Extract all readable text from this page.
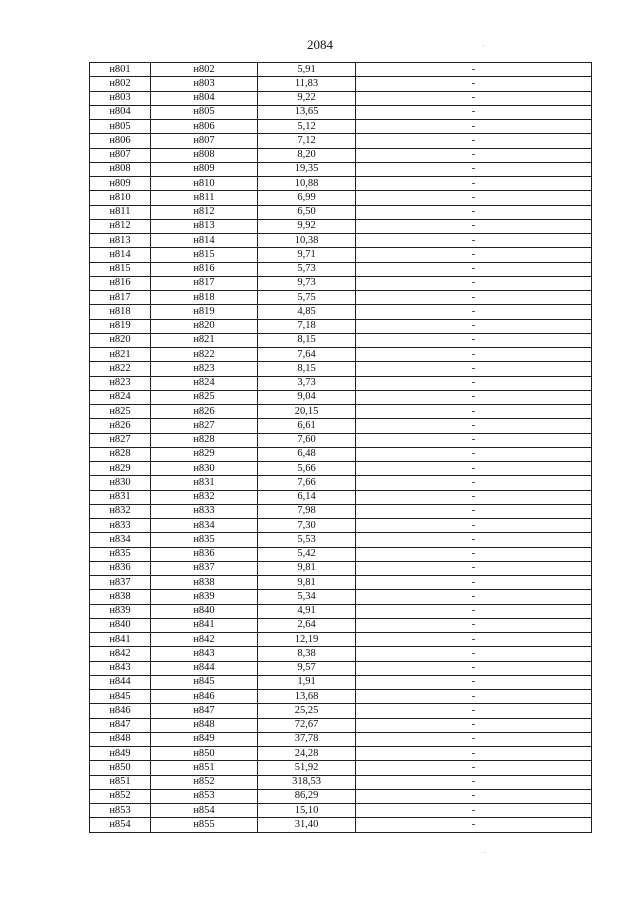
2084
н801	н802	5,91	-
н802	н803	11,83	-
н803	н804	9,22	-
н804	н805	13,65	-
н805	н806	5,12	-
н806	н807	7,12	-
н807	н808	8,20	-
н808	н809	19,35	-
н809	н810	10,88	-
н810	н811	6,99	-
н811	н812	6,50	-
н812	н813	9,92	-
н813	н814	10,38	-
н814	н815	9,71	-
н815	н816	5,73	-
н816	н817	9,73	-
н817	н818	5,75	-
н818	н819	4,85	-
н819	н820	7,18	-
н820	н821	8,15	-
н821	н822	7,64	-
н822	н823	8,15	-
н823	н824	3,73	-
н824	н825	9,04	-
н825	н826	20,15	-
н826	н827	6,61	-
н827	н828	7,60	-
н828	н829	6,48	-
н829	н830	5,66	-
н830	н831	7,66	-
н831	н832	6,14	-
н832	н833	7,98	-
н833	н834	7,30	-
н834	н835	5,53	-
н835	н836	5,42	-
н836	н837	9,81	-
н837	н838	9,81	-
н838	н839	5,34	-
н839	н840	4,91	-
н840	н841	2,64	-
н841	н842	12,19	-
н842	н843	8,38	-
н843	н844	9,57	-
н844	н845	1,91	-
н845	н846	13,68	-
н846	н847	25,25	-
н847	н848	72,67	-
н848	н849	37,78	-
н849	н850	24,28	-
н850	н851	51,92	-
н851	н852	318,53	-
н852	н853	86,29	-
н853	н854	15,10	-
н854	н855	31,40	-
